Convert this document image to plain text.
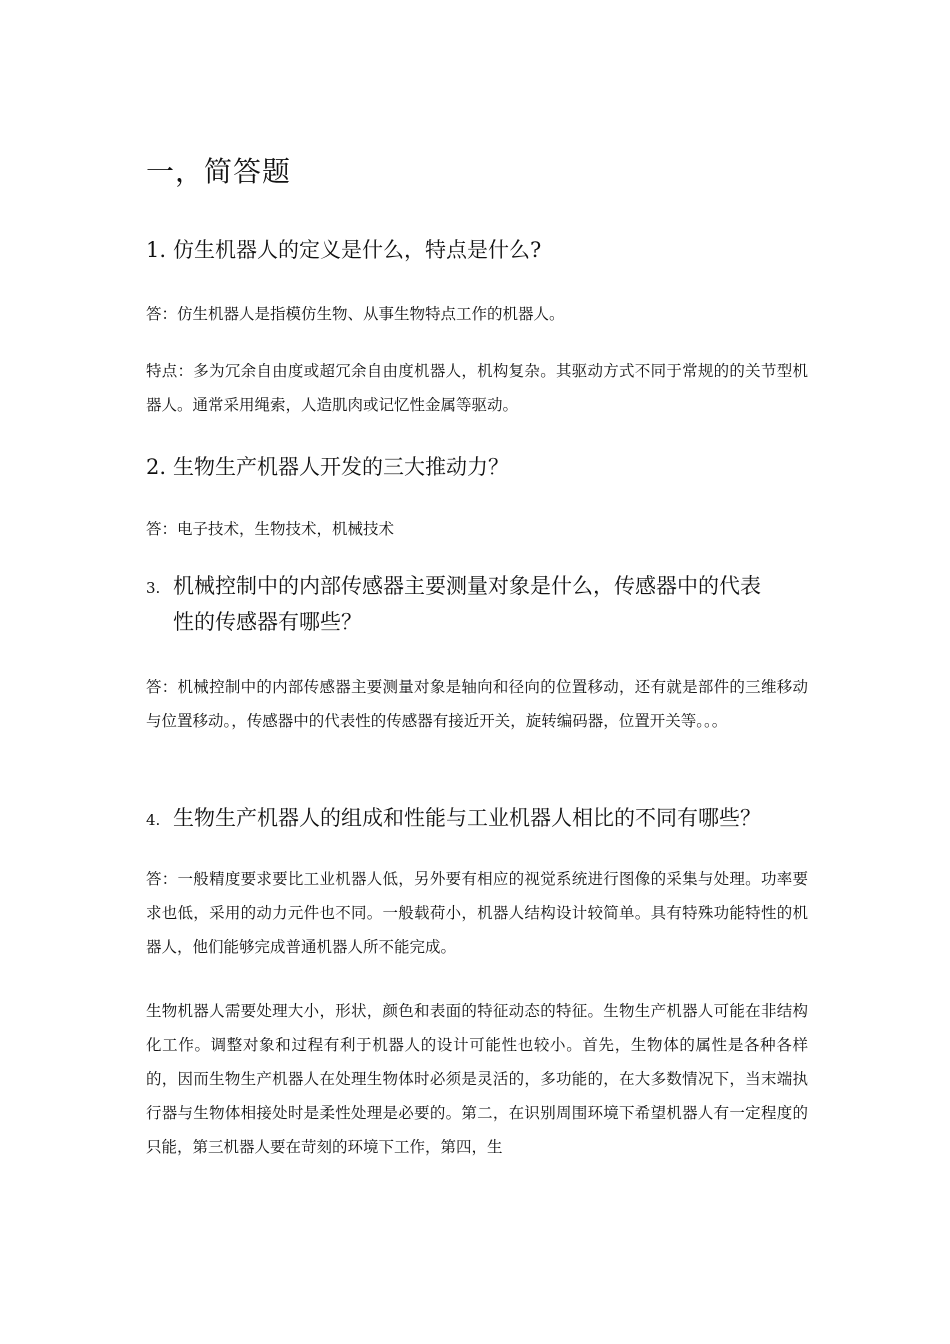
一，简答题
1. 仿生机器人的定义是什么，特点是什么?
答：仿生机器人是指模仿生物、从事生物特点工作的机器人。
特点：多为冗余自由度或超冗余自由度机器人，机构复杂。其驱动方式不同于常规的的关节型机器人。通常采用绳索，人造肌肉或记忆性金属等驱动。
2. 生物生产机器人开发的三大推动力？
答：电子技术，生物技术，机械技术
3. 机械控制中的内部传感器主要测量对象是什么，传感器中的代表
性的传感器有哪些？
答：机械控制中的内部传感器主要测量对象是轴向和径向的位置移动，还有就是部件的三维移动与位置移动。，传感器中的代表性的传感器有接近开关，旋转编码器，位置开关等。。。
4. 生物生产机器人的组成和性能与工业机器人相比的不同有哪些？
答：一般精度要求要比工业机器人低，另外要有相应的视觉系统进行图像的采集与处理。功率要求也低，采用的动力元件也不同。一般载荷小，机器人结构设计较简单。具有特殊功能特性的机器人，他们能够完成普通机器人所不能完成。
生物机器人需要处理大小，形状，颜色和表面的特征动态的特征。生物生产机器人可能在非结构化工作。调整对象和过程有利于机器人的设计可能性也较小。首先，生物体的属性是各种各样的，因而生物生产机器人在处理生物体时必须是灵活的，多功能的，在大多数情况下，当末端执行器与生物体相接处时是柔性处理是必要的。第二，在识别周围环境下希望机器人有一定程度的只能，第三机器人要在苛刻的环境下工作，第四，生
